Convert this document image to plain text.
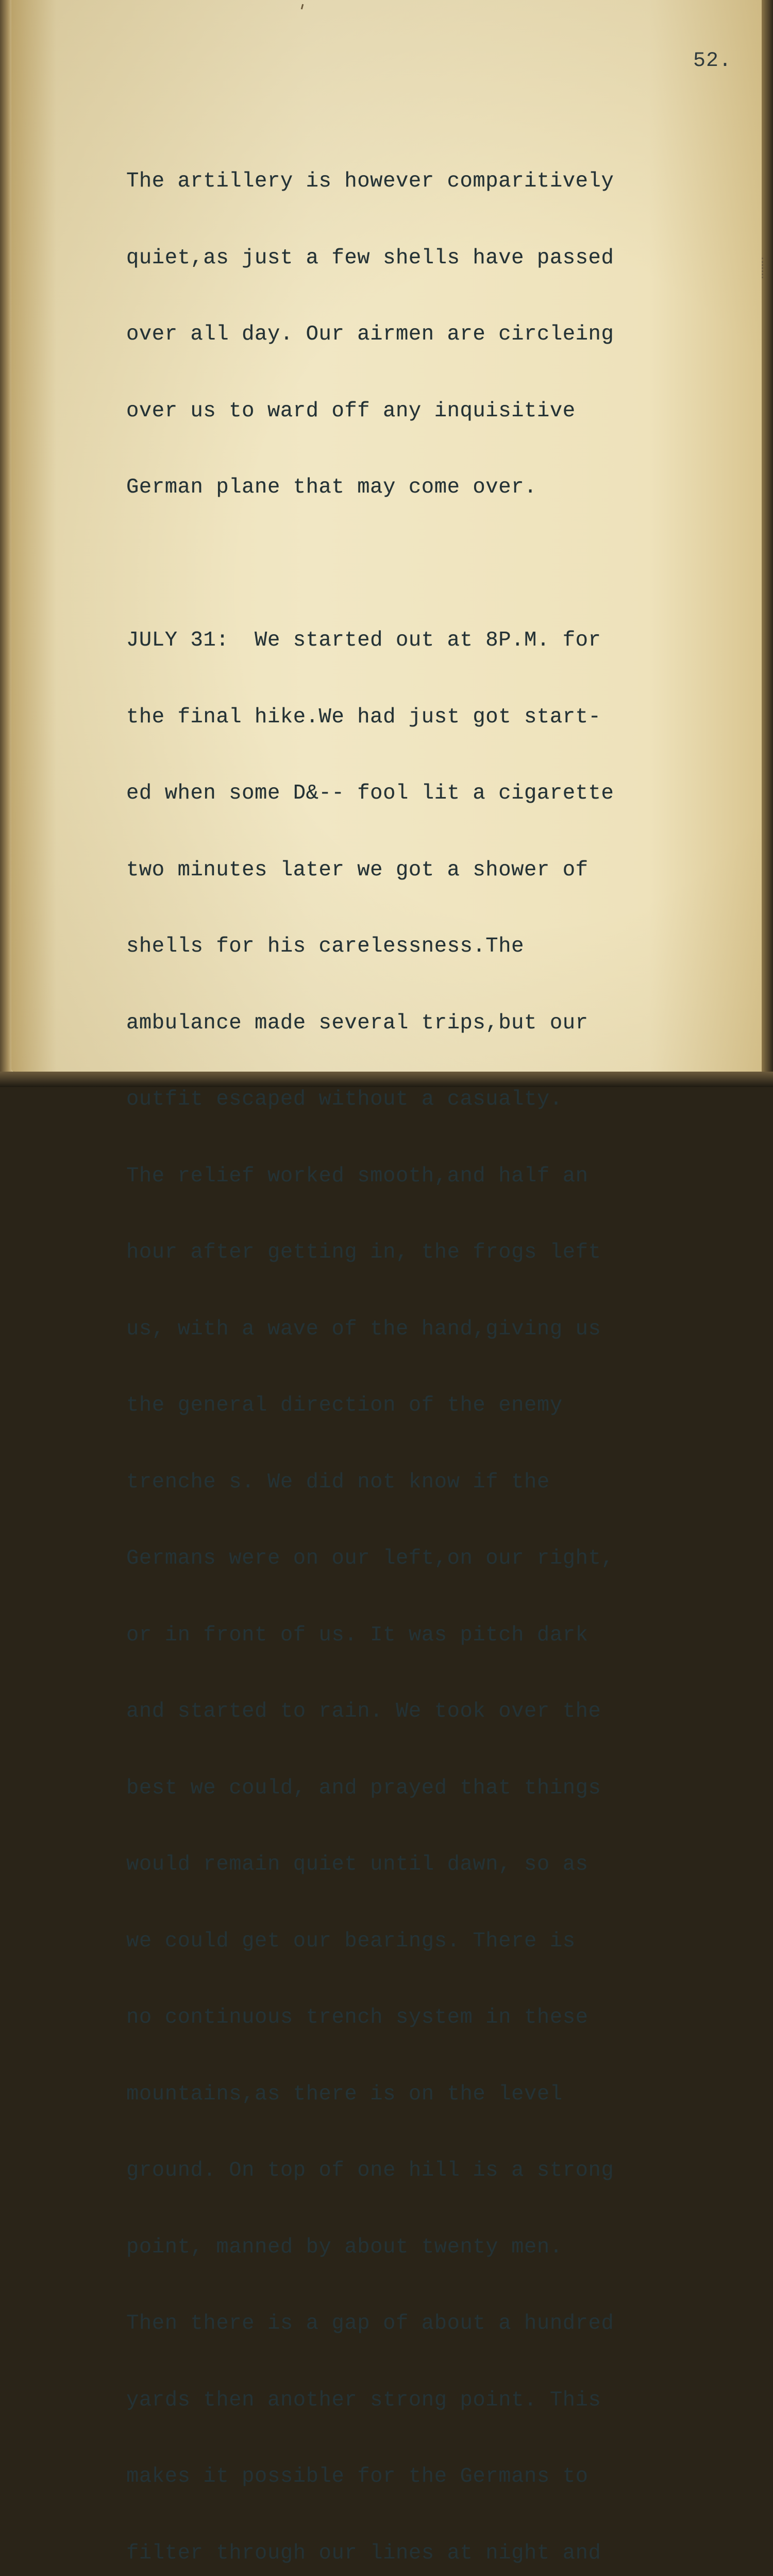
52.

The artillery is however comparitively

quiet,as just a few shells have passed

over all day. Our airmen are circleing

over us to ward off any inquisitive

German plane that may come over.

JULY 31:  We started out at 8P.M. for

the final hike.We had just got start-

ed when some D&-- fool lit a cigarette

two minutes later we got a shower of

shells for his carelessness.The

ambulance made several trips,but our

outfit escaped without a casualty.

The relief worked smooth,and half an

hour after getting in, the frogs left

us, with a wave of the hand,giving us

the general direction of the enemy

trenche s. We did not know if the

Germans were on our left,on our right,

or in front of us. It was pitch dark

and started to rain. We took over the

best we could, and prayed that things

would remain quiet until dawn, so as

we could get our bearings. There is

no continuous trench system in these

mountains,as there is on the level

ground. On top of one hill is a strong

point, manned by about twenty men.

Then there is a gap of about a hundred

yards then another strong point. This

makes it possible for the Germans to

filter through our lines at night and
